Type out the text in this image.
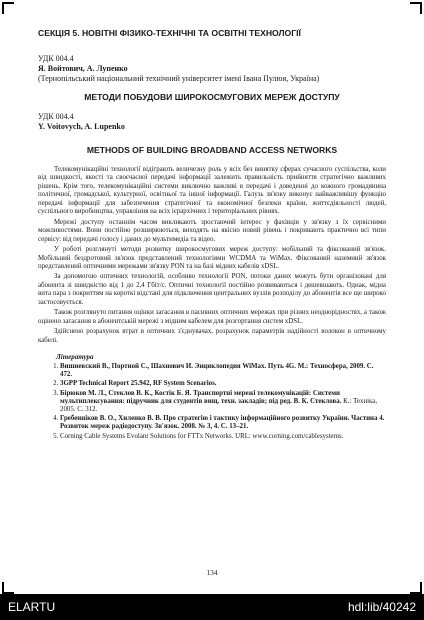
СЕКЦІЯ 5. НОВІТНІ ФІЗИКО-ТЕХНІЧНІ ТА ОСВІТНІ ТЕХНОЛОГІЇ

УДК 004.4

Я. Войтович, А. Лупенко

(Тернопільський національний технічний університет імені Івана Пулюя, Україна)

МЕТОДИ ПОБУДОВИ ШИРОКОСМУГОВИХ МЕРЕЖ ДОСТУПУ

УДК 004.4

Y. Voitovych, A. Lupenko

METHODS OF BUILDING BROADBAND ACCESS NETWORKS

Телекомунікаційні технології відіграють величезну роль у всіх без винятку сферах сучасного суспільства, коли від швидкості, якості та своєчасної передачі інформації залежить правильність прийняття стратегічно важливих рішень. Крім того, телекомунікаційні системи виключно важливі в передачі і доведенні до кожного громадянина політичної, громадської, культурної, освітньої та іншої інформації. Галузь зв'язку виконує найважливішу функцію передачі інформації для забезпечення стратегічної та економічної безпеки країни, життєдіяльності людей, суспільного виробництва, управління на всіх ієрархічних і територіальних рівнях.

Мережі доступу останнім часом викликають зростаючий інтерес у фахівців у зв'язку з їх сервісними можливостями. Вони постійно розширюються, виходять на якісно новий рівень і покривають практично всі типи сервісу: від передачі голосу і даних до мультимедіа та відео.

У роботі розглянуті методи розвитку широкосмугових мереж доступу: мобільний та фіксований зв'язок. Мобільний бездротовий зв'язок представлений технологіями WCDMA та WiMax. Фіксований наземний зв'язок представлений оптичними мережами зв'язку PON та на базі мідних кабелів xDSL.

За допомогою оптичних технологій, особливо технології PON, потоки даних можуть бути організовані для абонента зі швидкістю від 1 до 2,4 Гбіт/с. Оптичні технології постійно розвиваються і дешевшають. Однак, мідна вита пара з покриттям на короткі відстані для підключення центральних вузлів розподілу до абонентів все ще широко застосовується.

Також розглянуто питання оцінки загасання в пасивних оптичних мережах при різних неоднорідностях, а також оцінено загасання в абонентській мережі з мідним кабелем для розгортання систем xDSL.

Здійснено розрахунок втрат в оптичних з'єднувачах, розрахунок параметрів надійності волокон в оптичному кабелі.

Література

1. Вишневский В., Портной С., Шахнович И. Энциклопедия WiMax. Путь 4G. М.: Техносфера, 2009. С. 472.
2. 3GPP Technical Report 25.942, RF System Scenarios.
3. Бірюков М. Л., Стеклов В. К., Костік Б. Я. Транспортні мережі телекомунікацій: Системи мультиплексування: підручник для студентів вищ. техн. закладів; під ред. В. К. Стеклова. К.: Техніка, 2005. С. 312.
4. Гребенніков В. О., Хиленко В. В. Про стратегію і тактику інформаційного розвитку України. Частина 4. Розвиток мереж радіодоступу. Зв'язок. 2008. № 3, 4. С. 13–21.
5. Corning Cable Systems Evolant Solutions for FTTx Networks. URL: www.corning.com/cablesystems.
134
ELARTU	hdl:lib/40242
